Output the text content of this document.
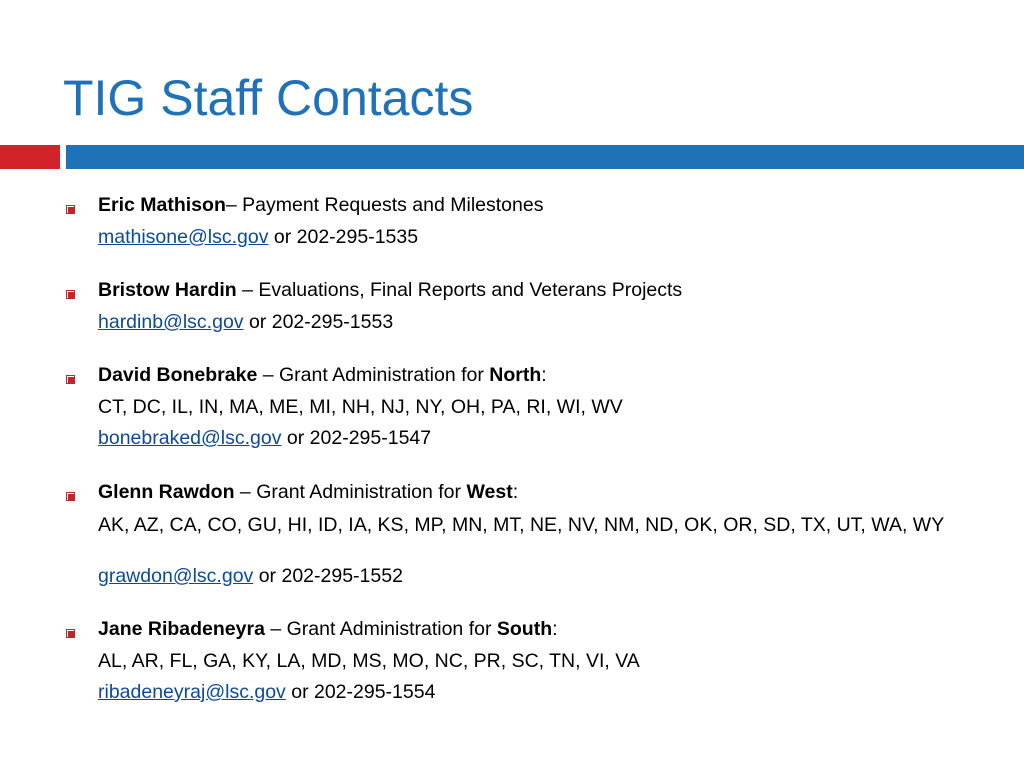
TIG Staff Contacts
Eric Mathison– Payment Requests and Milestones
mathisone@lsc.gov or 202-295-1535
Bristow Hardin – Evaluations, Final Reports and Veterans Projects
hardinb@lsc.gov or 202-295-1553
David Bonebrake – Grant Administration for North:
CT, DC, IL, IN, MA, ME, MI, NH, NJ, NY, OH, PA, RI, WI, WV
bonebraked@lsc.gov or 202-295-1547
Glenn Rawdon – Grant Administration for West:
AK, AZ, CA, CO, GU, HI, ID, IA, KS, MP, MN, MT, NE, NV, NM, ND, OK, OR, SD, TX, UT, WA, WY
grawdon@lsc.gov or 202-295-1552
Jane Ribadeneyra – Grant Administration for South:
AL, AR, FL, GA, KY, LA, MD, MS, MO, NC, PR, SC, TN, VI, VA
ribadeneyraj@lsc.gov or 202-295-1554
